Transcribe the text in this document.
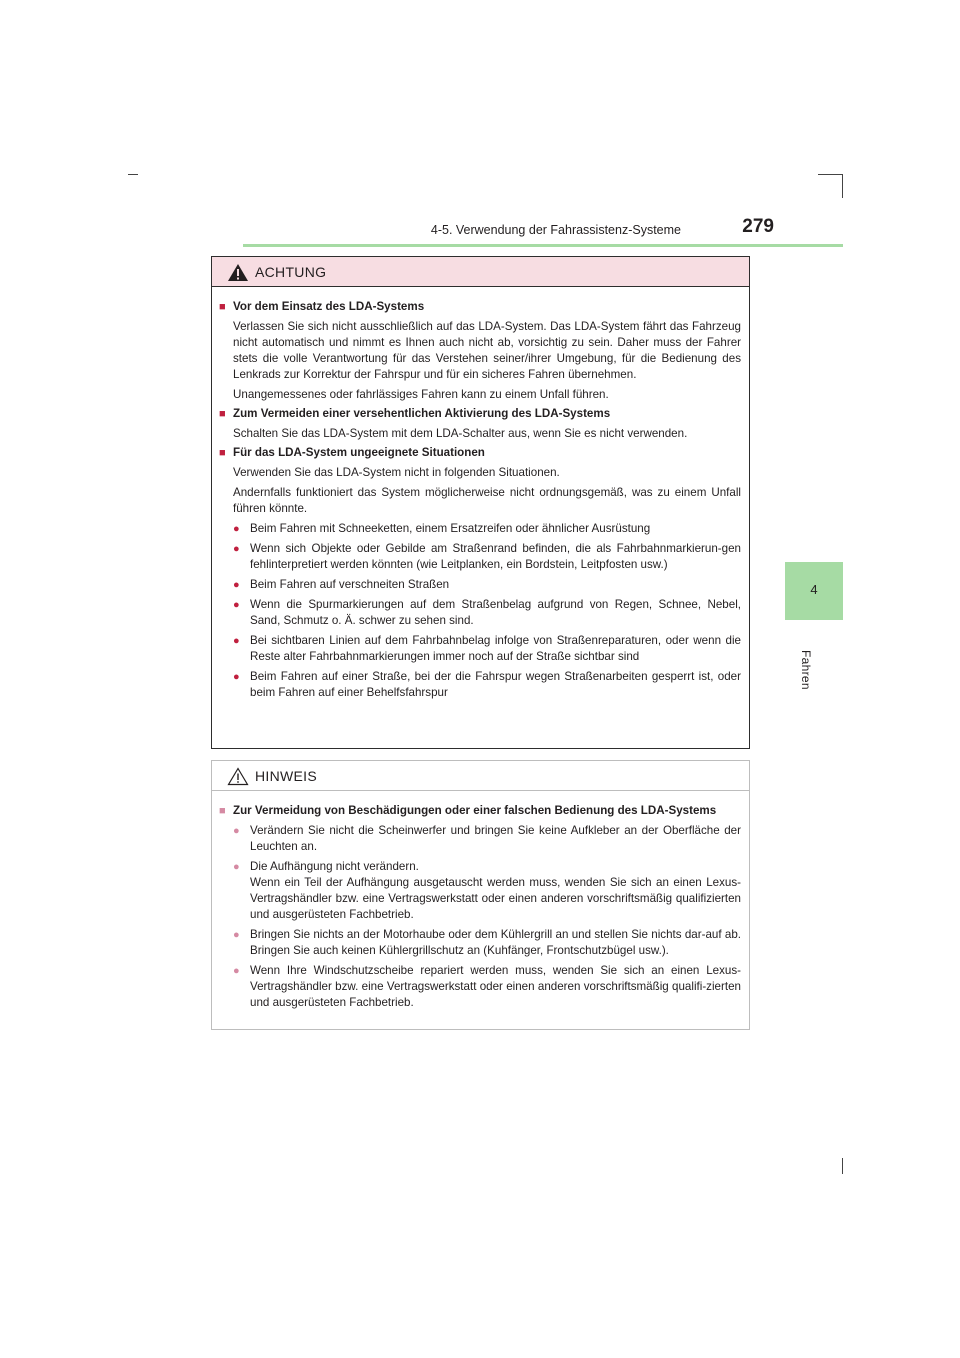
4-5. Verwendung der Fahrassistenz-Systeme	279
4
Fahren
ACHTUNG
■ Vor dem Einsatz des LDA-Systems
Verlassen Sie sich nicht ausschließlich auf das LDA-System. Das LDA-System fährt das Fahrzeug nicht automatisch und nimmt es Ihnen auch nicht ab, vorsichtig zu sein. Daher muss der Fahrer stets die volle Verantwortung für das Verstehen seiner/ihrer Umgebung, für die Bedienung des Lenkrads zur Korrektur der Fahrspur und für ein sicheres Fahren übernehmen.
Unangemessenes oder fahrlässiges Fahren kann zu einem Unfall führen.
■ Zum Vermeiden einer versehentlichen Aktivierung des LDA-Systems
Schalten Sie das LDA-System mit dem LDA-Schalter aus, wenn Sie es nicht verwenden.
■ Für das LDA-System ungeeignete Situationen
Verwenden Sie das LDA-System nicht in folgenden Situationen.
Andernfalls funktioniert das System möglicherweise nicht ordnungsgemäß, was zu einem Unfall führen könnte.
● Beim Fahren mit Schneeketten, einem Ersatzreifen oder ähnlicher Ausrüstung
● Wenn sich Objekte oder Gebilde am Straßenrand befinden, die als Fahrbahnmarkierun-gen fehlinterpretiert werden könnten (wie Leitplanken, ein Bordstein, Leitpfosten usw.)
● Beim Fahren auf verschneiten Straßen
● Wenn die Spurmarkierungen auf dem Straßenbelag aufgrund von Regen, Schnee, Nebel, Sand, Schmutz o. Ä. schwer zu sehen sind.
● Bei sichtbaren Linien auf dem Fahrbahnbelag infolge von Straßenreparaturen, oder wenn die Reste alter Fahrbahnmarkierungen immer noch auf der Straße sichtbar sind
● Beim Fahren auf einer Straße, bei der die Fahrspur wegen Straßenarbeiten gesperrt ist, oder beim Fahren auf einer Behelfsfahrspur
HINWEIS
■ Zur Vermeidung von Beschädigungen oder einer falschen Bedienung des LDA-Systems
● Verändern Sie nicht die Scheinwerfer und bringen Sie keine Aufkleber an der Oberfläche der Leuchten an.
● Die Aufhängung nicht verändern.
Wenn ein Teil der Aufhängung ausgetauscht werden muss, wenden Sie sich an einen Lexus-Vertragshändler bzw. eine Vertragswerkstatt oder einen anderen vorschriftsmäßig qualifizierten und ausgerüsteten Fachbetrieb.
● Bringen Sie nichts an der Motorhaube oder dem Kühlergrill an und stellen Sie nichts dar-auf ab. Bringen Sie auch keinen Kühlergrillschutz an (Kuhfänger, Frontschutzbügel usw.).
● Wenn Ihre Windschutzscheibe repariert werden muss, wenden Sie sich an einen Lexus-Vertragshändler bzw. eine Vertragswerkstatt oder einen anderen vorschriftsmäßig qualifi-zierten und ausgerüsteten Fachbetrieb.
